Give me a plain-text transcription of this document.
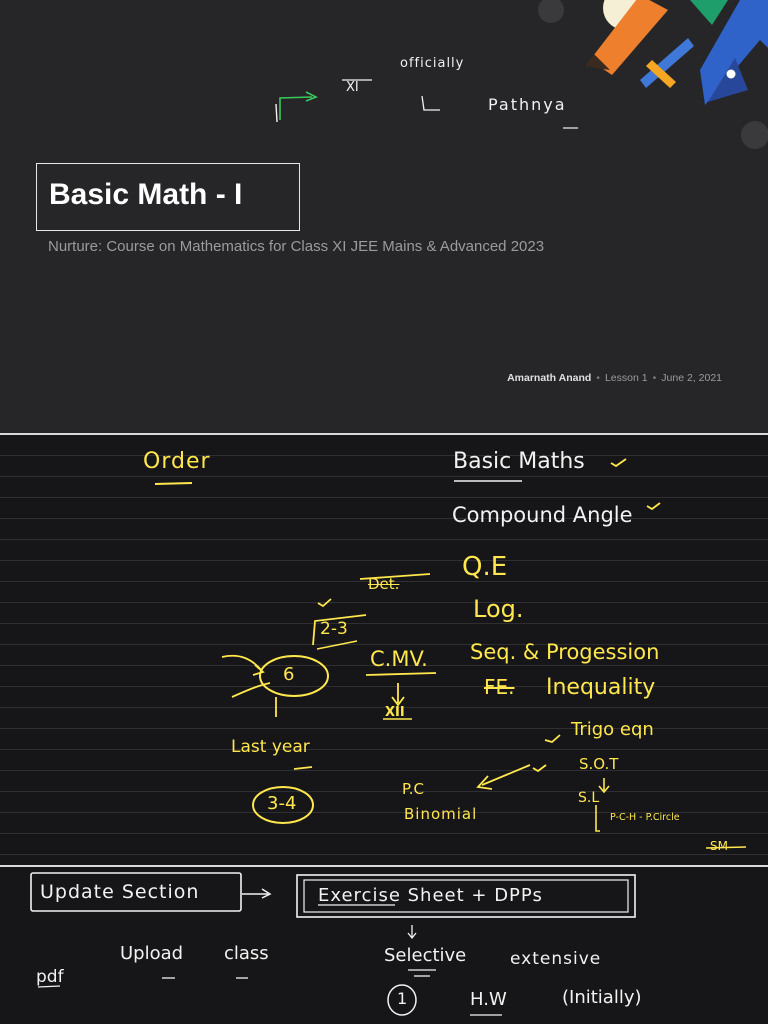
officially
XI
Pathnya
Basic Math - I
Nurture: Course on Mathematics for Class XI JEE Mains & Advanced 2023
Amarnath Anand • Lesson 1 • June 2, 2021
Order	Basic Maths
Compound Angle
Q.E
Log.
Seq. & Progession
FE. Inequality
Trigo eqn
S.O.T
S.L
P-C-H - P.Circle
SM
Det.
2-3
6
C.MV.
XII
Last year
3-4
P.C
Binomial
Update Section	Exercise Sheet + DPPs
Upload class
pdf
Selective	extensive
1	H.W	(Initially)
